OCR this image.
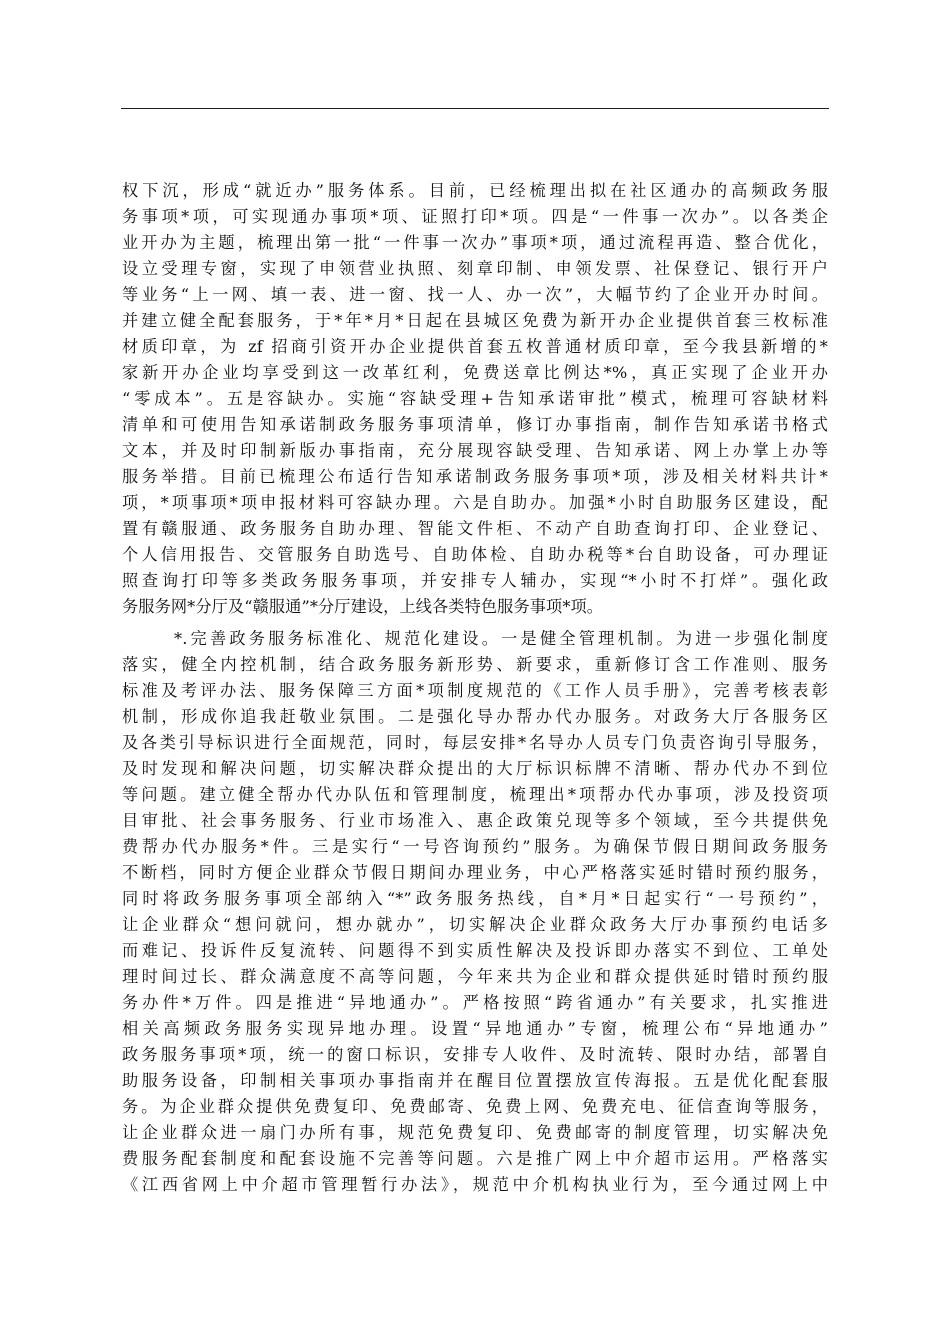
权下沉，形成“就近办”服务体系。目前，已经梳理出拟在社区通办的高频政务服
务事项*项，可实现通办事项*项、证照打印*项。四是“一件事一次办”。以各类企
业开办为主题，梳理出第一批“一件事一次办”事项*项，通过流程再造、整合优化，
设立受理专窗，实现了申领营业执照、刻章印制、申领发票、社保登记、银行开户
等业务“上一网、填一表、进一窗、找一人、办一次”，大幅节约了企业开办时间。
并建立健全配套服务，于*年*月*日起在县城区免费为新开办企业提供首套三枚标准
材质印章，为 zf 招商引资开办企业提供首套五枚普通材质印章，至今我县新增的*
家新开办企业均享受到这一改革红利，免费送章比例达*%，真正实现了企业开办
“零成本”。五是容缺办。实施“容缺受理+告知承诺审批”模式，梳理可容缺材料
清单和可使用告知承诺制政务服务事项清单，修订办事指南，制作告知承诺书格式
文本，并及时印制新版办事指南，充分展现容缺受理、告知承诺、网上办掌上办等
服务举措。目前已梳理公布适行告知承诺制政务服务事项*项，涉及相关材料共计*
项，*项事项*项申报材料可容缺办理。六是自助办。加强*小时自助服务区建设，配
置有赣服通、政务服务自助办理、智能文件柜、不动产自助查询打印、企业登记、
个人信用报告、交管服务自助选号、自助体检、自助办税等*台自助设备，可办理证
照查询打印等多类政务服务事项，并安排专人辅办，实现“*小时不打烊”。强化政
务服务网*分厅及“赣服通”*分厅建设，上线各类特色服务事项*项。
*.完善政务服务标准化、规范化建设。一是健全管理机制。为进一步强化制度
落实，健全内控机制，结合政务服务新形势、新要求，重新修订含工作准则、服务
标准及考评办法、服务保障三方面*项制度规范的《工作人员手册》，完善考核表彰
机制，形成你追我赶敬业氛围。二是强化导办帮办代办服务。对政务大厅各服务区
及各类引导标识进行全面规范，同时，每层安排*名导办人员专门负责咨询引导服务，
及时发现和解决问题，切实解决群众提出的大厅标识标牌不清晰、帮办代办不到位
等问题。建立健全帮办代办队伍和管理制度，梳理出*项帮办代办事项，涉及投资项
目审批、社会事务服务、行业市场准入、惠企政策兑现等多个领域，至今共提供免
费帮办代办服务*件。三是实行“一号咨询预约”服务。为确保节假日期间政务服务
不断档，同时方便企业群众节假日期间办理业务，中心严格落实延时错时预约服务，
同时将政务服务事项全部纳入“*”政务服务热线，自*月*日起实行“一号预约”，
让企业群众“想问就问，想办就办”，切实解决企业群众政务大厅办事预约电话多
而难记、投诉件反复流转、问题得不到实质性解决及投诉即办落实不到位、工单处
理时间过长、群众满意度不高等问题，今年来共为企业和群众提供延时错时预约服
务办件*万件。四是推进“异地通办”。严格按照“跨省通办”有关要求，扎实推进
相关高频政务服务实现异地办理。设置“异地通办”专窗，梳理公布“异地通办”
政务服务事项*项，统一的窗口标识，安排专人收件、及时流转、限时办结，部署自
助服务设备，印制相关事项办事指南并在醒目位置摆放宣传海报。五是优化配套服
务。为企业群众提供免费复印、免费邮寄、免费上网、免费充电、征信查询等服务，
让企业群众进一扇门办所有事，规范免费复印、免费邮寄的制度管理，切实解决免
费服务配套制度和配套设施不完善等问题。六是推广网上中介超市运用。严格落实
《江西省网上中介超市管理暂行办法》，规范中介机构执业行为，至今通过网上中
